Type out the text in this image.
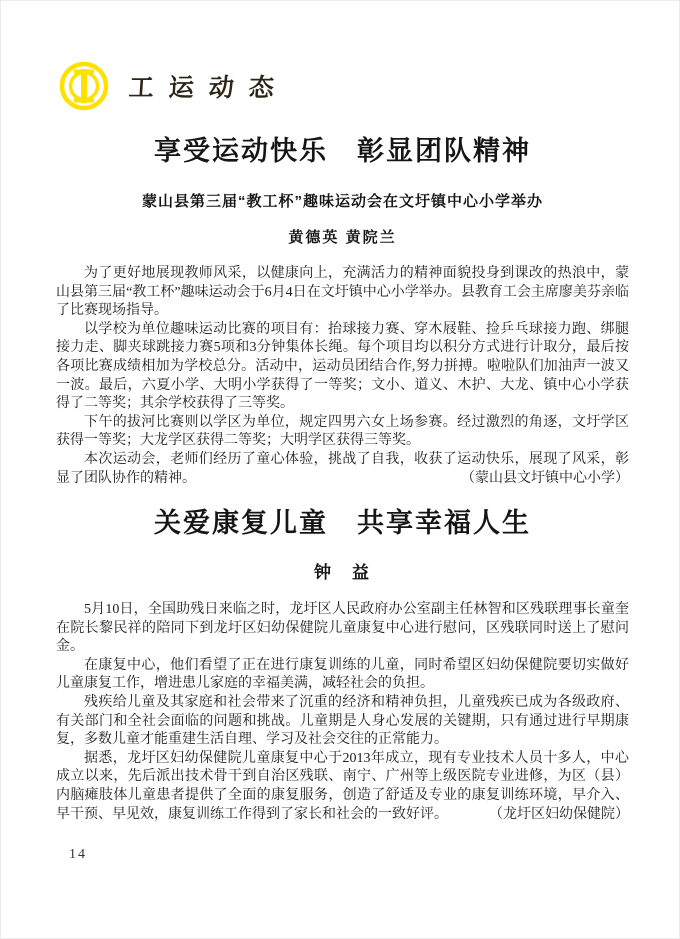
工运动态
享受运动快乐　彰显团队精神
蒙山县第三届“教工杯”趣味运动会在文圩镇中心小学举办
黄德英 黄院兰

为了更好地展现教师风采，以健康向上，充满活力的精神面貌投身到课改的热浪中，蒙山县第三届“教工杯”趣味运动会于6月4日在文圩镇中心小学举办。县教育工会主席廖美芬亲临了比赛现场指导。

以学校为单位趣味运动比赛的项目有：抬球接力赛、穿木屐鞋、捡乒乓球接力跑、绑腿接力走、脚夹球跳接力赛5项和3分钟集体长绳。每个项目均以积分方式进行计取分，最后按各项比赛成绩相加为学校总分。活动中，运动员团结合作,努力拼搏。啦啦队们加油声一波又一波。最后，六夏小学、大明小学获得了一等奖；文小、道义、木护、大龙、镇中心小学获得了二等奖；其余学校获得了三等奖。

下午的拔河比赛则以学区为单位，规定四男六女上场参赛。经过激烈的角逐，文圩学区获得一等奖；大龙学区获得二等奖；大明学区获得三等奖。

本次运动会，老师们经历了童心体验，挑战了自我，收获了运动快乐，展现了风采，彰显了团队协作的精神。	（蒙山县文圩镇中心小学）

关爱康复儿童　共享幸福人生
钟　益

5月10日，全国助残日来临之时，龙圩区人民政府办公室副主任林智和区残联理事长童奎在院长黎民祥的陪同下到龙圩区妇幼保健院儿童康复中心进行慰问，区残联同时送上了慰问金。

在康复中心，他们看望了正在进行康复训练的儿童，同时希望区妇幼保健院要切实做好儿童康复工作，增进患儿家庭的幸福美满，减轻社会的负担。

残疾给儿童及其家庭和社会带来了沉重的经济和精神负担，儿童残疾已成为各级政府、有关部门和全社会面临的问题和挑战。儿童期是人身心发展的关键期，只有通过进行早期康复，多数儿童才能重建生活自理、学习及社会交往的正常能力。

据悉，龙圩区妇幼保健院儿童康复中心于2013年成立，现有专业技术人员十多人，中心成立以来，先后派出技术骨干到自治区残联、南宁、广州等上级医院专业进修，为区（县）内脑瘫肢体儿童患者提供了全面的康复服务，创造了舒适及专业的康复训练环境，早介入、早干预、早见效，康复训练工作得到了家长和社会的一致好评。	（龙圩区妇幼保健院）

14
